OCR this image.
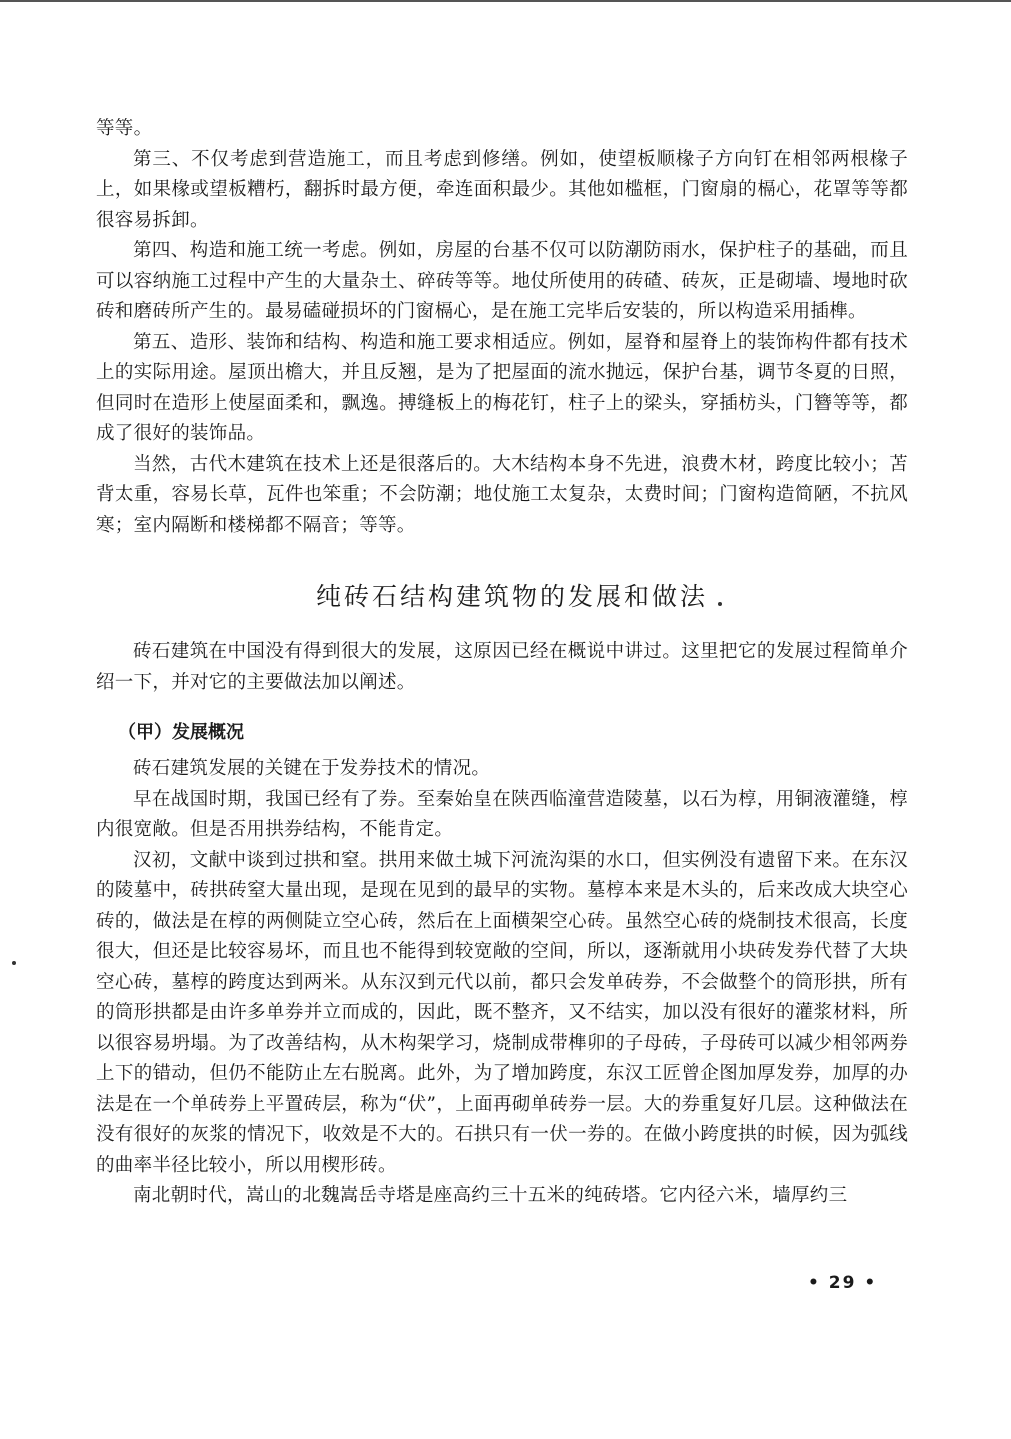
等等。

第三、不仅考虑到营造施工，而且考虑到修缮。例如，使望板顺椽子方向钉在相邻两根椽子上，如果椽或望板糟朽，翻拆时最方便，牵连面积最少。其他如槛框，门窗扇的槅心，花罩等等都很容易拆卸。

第四、构造和施工统一考虑。例如，房屋的台基不仅可以防潮防雨水，保护柱子的基础，而且可以容纳施工过程中产生的大量杂土、碎砖等等。地仗所使用的砖碴、砖灰，正是砌墙、墁地时砍砖和磨砖所产生的。最易磕碰损坏的门窗槅心，是在施工完毕后安装的，所以构造采用插榫。

第五、造形、装饰和结构、构造和施工要求相适应。例如，屋脊和屋脊上的装饰构件都有技术上的实际用途。屋顶出檐大，并且反翘，是为了把屋面的流水抛远，保护台基，调节冬夏的日照，但同时在造形上使屋面柔和，飘逸。搏缝板上的梅花钉，柱子上的梁头，穿插枋头，门簪等等，都成了很好的装饰品。

当然，古代木建筑在技术上还是很落后的。大木结构本身不先进，浪费木材，跨度比较小；苫背太重，容易长草，瓦件也笨重；不会防潮；地仗施工太复杂，太费时间；门窗构造简陋，不抗风寒；室内隔断和楼梯都不隔音；等等。

纯砖石结构建筑物的发展和做法

砖石建筑在中国没有得到很大的发展，这原因已经在概说中讲过。这里把它的发展过程简单介绍一下，并对它的主要做法加以阐述。

（甲）发展概况

砖石建筑发展的关键在于发券技术的情况。

早在战国时期，我国已经有了券。至秦始皇在陕西临潼营造陵墓，以石为椁，用铜液灌缝，椁内很宽敞。但是否用拱券结构，不能肯定。

汉初，文献中谈到过拱和窒。拱用来做土城下河流沟渠的水口，但实例没有遗留下来。在东汉的陵墓中，砖拱砖窒大量出现，是现在见到的最早的实物。墓椁本来是木头的，后来改成大块空心砖的，做法是在椁的两侧陡立空心砖，然后在上面横架空心砖。虽然空心砖的烧制技术很高，长度很大，但还是比较容易坏，而且也不能得到较宽敞的空间，所以，逐渐就用小块砖发券代替了大块空心砖，墓椁的跨度达到两米。从东汉到元代以前，都只会发单砖券，不会做整个的筒形拱，所有的筒形拱都是由许多单券并立而成的，因此，既不整齐，又不结实，加以没有很好的灌浆材料，所以很容易坍塌。为了改善结构，从木构架学习，烧制成带榫卯的子母砖，子母砖可以减少相邻两券上下的错动，但仍不能防止左右脱离。此外，为了增加跨度，东汉工匠曾企图加厚发券，加厚的办法是在一个单砖券上平置砖层，称为“伏”，上面再砌单砖券一层。大的券重复好几层。这种做法在没有很好的灰浆的情况下，收效是不大的。石拱只有一伏一券的。在做小跨度拱的时候，因为弧线的曲率半径比较小，所以用楔形砖。

南北朝时代，嵩山的北魏嵩岳寺塔是座高约三十五米的纯砖塔。它内径六米，墙厚约三

• 29 •
